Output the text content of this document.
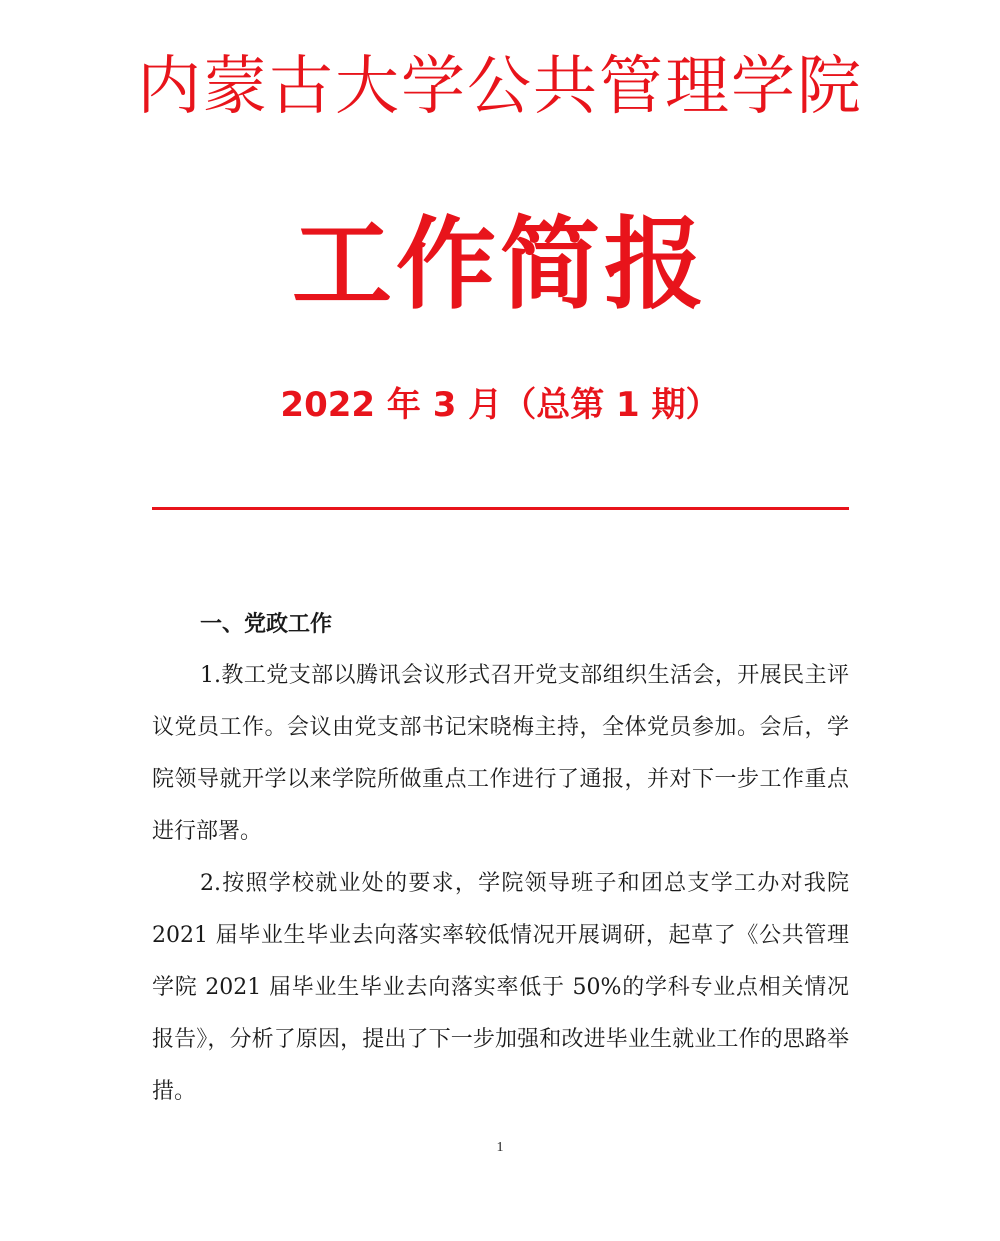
内蒙古大学公共管理学院
工作简报
2022 年 3 月（总第 1 期）

一、党政工作

1.教工党支部以腾讯会议形式召开党支部组织生活会，开展民主评议党员工作。会议由党支部书记宋晓梅主持，全体党员参加。会后，学院领导就开学以来学院所做重点工作进行了通报，并对下一步工作重点进行部署。

2.按照学校就业处的要求，学院领导班子和团总支学工办对我院 2021 届毕业生毕业去向落实率较低情况开展调研，起草了《公共管理学院 2021 届毕业生毕业去向落实率低于 50%的学科专业点相关情况报告》，分析了原因，提出了下一步加强和改进毕业生就业工作的思路举措。

1
